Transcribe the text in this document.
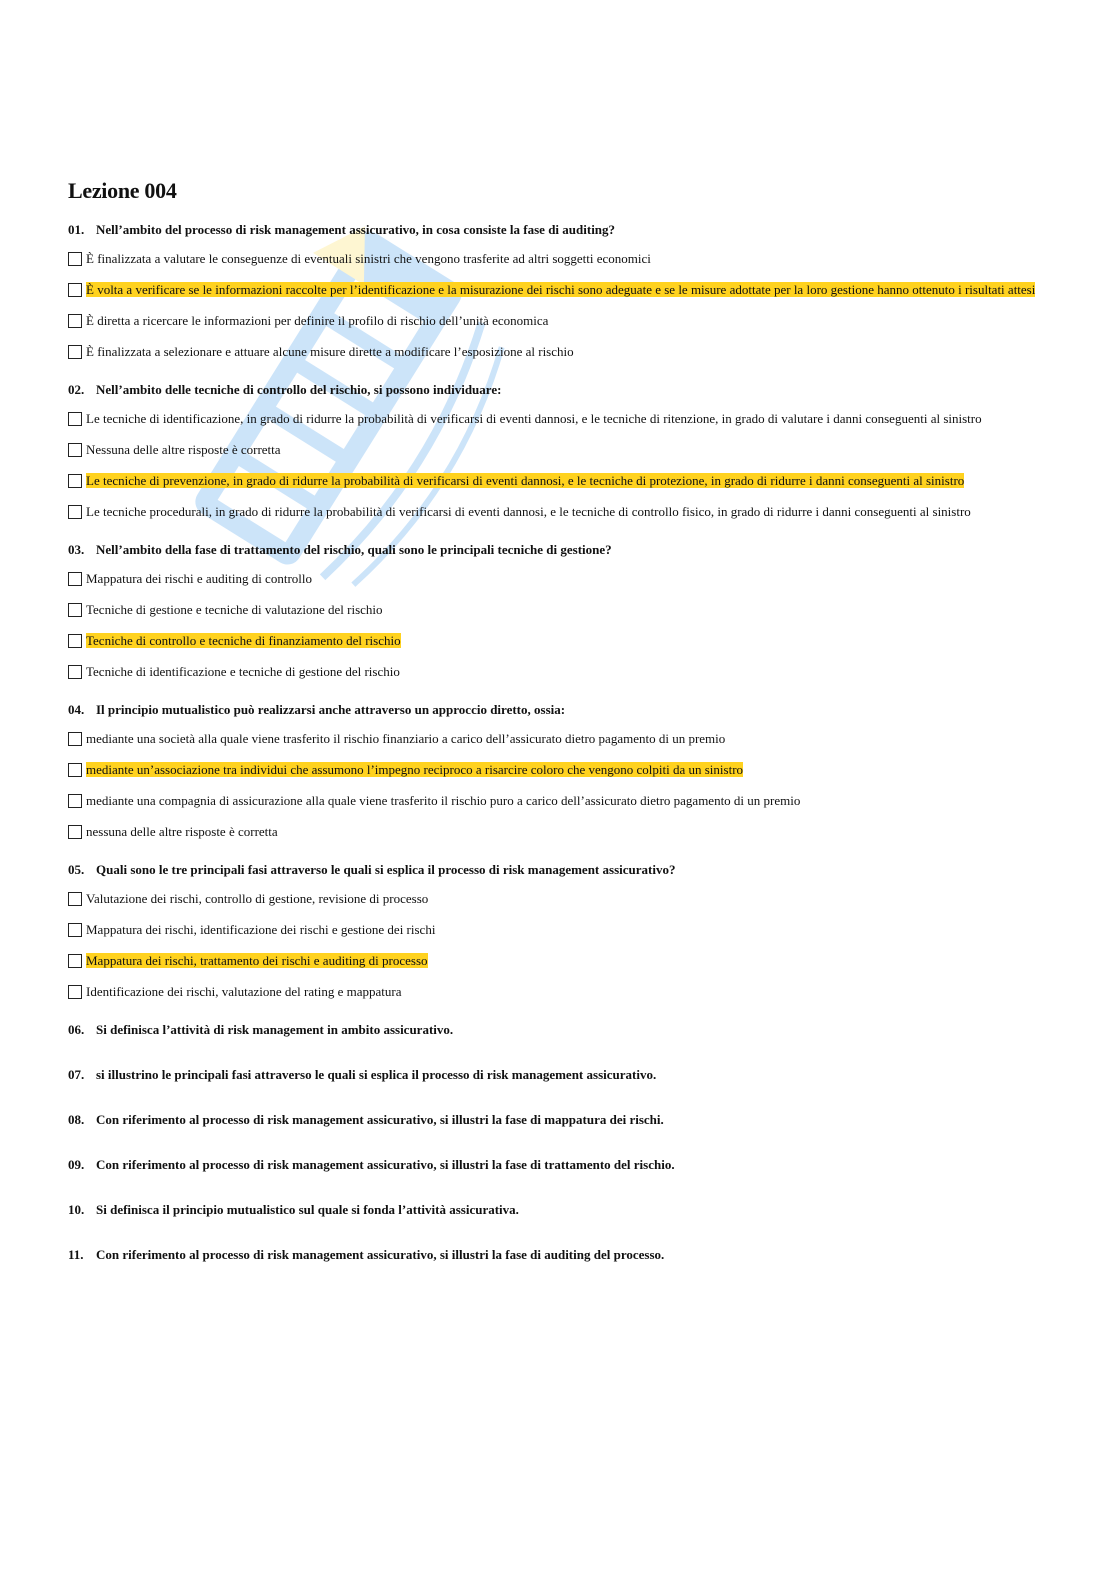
Lezione 004

01. Nell’ambito del processo di risk management assicurativo, in cosa consiste la fase di auditing?

È finalizzata a valutare le conseguenze di eventuali sinistri che vengono trasferite ad altri soggetti economici

È volta a verificare se le informazioni raccolte per l’identificazione e la misurazione dei rischi sono adeguate e se le misure adottate per la loro gestione hanno ottenuto i risultati attesi

È diretta a ricercare le informazioni per definire il profilo di rischio dell’unità economica

È finalizzata a selezionare e attuare alcune misure dirette a modificare l’esposizione al rischio

02. Nell’ambito delle tecniche di controllo del rischio, si possono individuare:

Le tecniche di identificazione, in grado di ridurre la probabilità di verificarsi di eventi dannosi, e le tecniche di ritenzione, in grado di valutare i danni conseguenti al sinistro

Nessuna delle altre risposte è corretta

Le tecniche di prevenzione, in grado di ridurre la probabilità di verificarsi di eventi dannosi, e le tecniche di protezione, in grado di ridurre i danni conseguenti al sinistro

Le tecniche procedurali, in grado di ridurre la probabilità di verificarsi di eventi dannosi, e le tecniche di controllo fisico, in grado di ridurre i danni conseguenti al sinistro

03. Nell’ambito della fase di trattamento del rischio, quali sono le principali tecniche di gestione?

Mappatura dei rischi e auditing di controllo

Tecniche di gestione e tecniche di valutazione del rischio

Tecniche di controllo e tecniche di finanziamento del rischio

Tecniche di identificazione e tecniche di gestione del rischio

04. Il principio mutualistico può realizzarsi anche attraverso un approccio diretto, ossia:

mediante una società alla quale viene trasferito il rischio finanziario a carico dell’assicurato dietro pagamento di un premio

mediante un’associazione tra individui che assumono l’impegno reciproco a risarcire coloro che vengono colpiti da un sinistro

mediante una compagnia di assicurazione alla quale viene trasferito il rischio puro a carico dell’assicurato dietro pagamento di un premio

nessuna delle altre risposte è corretta

05. Quali sono le tre principali fasi attraverso le quali si esplica il processo di risk management assicurativo?

Valutazione dei rischi, controllo di gestione, revisione di processo

Mappatura dei rischi, identificazione dei rischi e gestione dei rischi

Mappatura dei rischi, trattamento dei rischi e auditing di processo

Identificazione dei rischi, valutazione del rating e mappatura

06. Si definisca l’attività di risk management in ambito assicurativo.

07. si illustrino le principali fasi attraverso le quali si esplica il processo di risk management assicurativo.

08. Con riferimento al processo di risk management assicurativo, si illustri la fase di mappatura dei rischi.

09. Con riferimento al processo di risk management assicurativo, si illustri la fase di trattamento del rischio.

10. Si definisca il principio mutualistico sul quale si fonda l’attività assicurativa.

11. Con riferimento al processo di risk management assicurativo, si illustri la fase di auditing del processo.
